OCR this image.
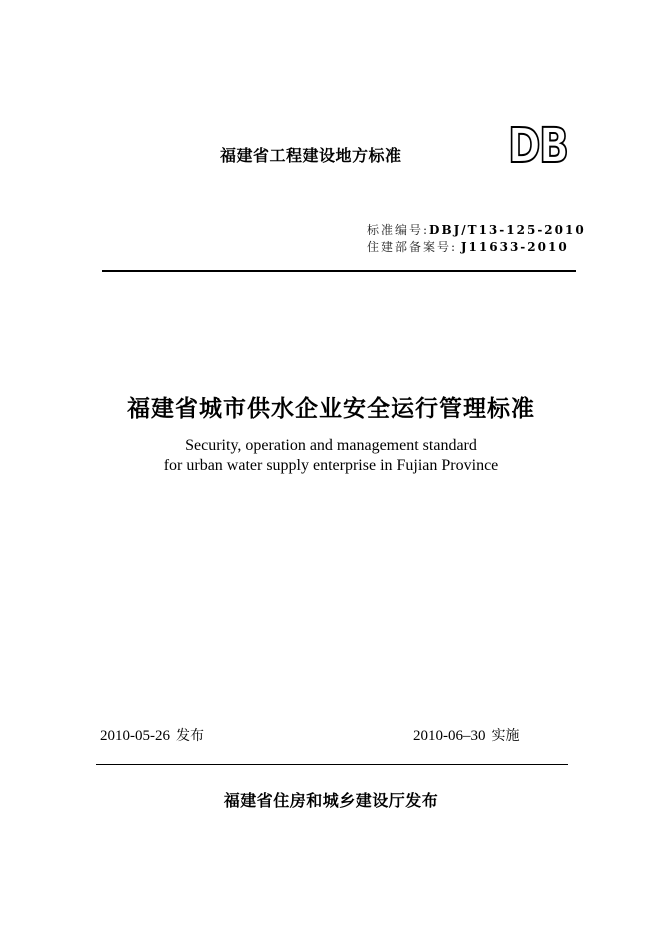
福建省工程建设地方标准 DB
标准编号:DBJ/T13-125-2010
住建部备案号: J11633-2010
福建省城市供水企业安全运行管理标准
Security, operation and management standard
for urban water supply enterprise in Fujian Province
2010-05-26 发布	2010-06–30 实施
福建省住房和城乡建设厅发布
